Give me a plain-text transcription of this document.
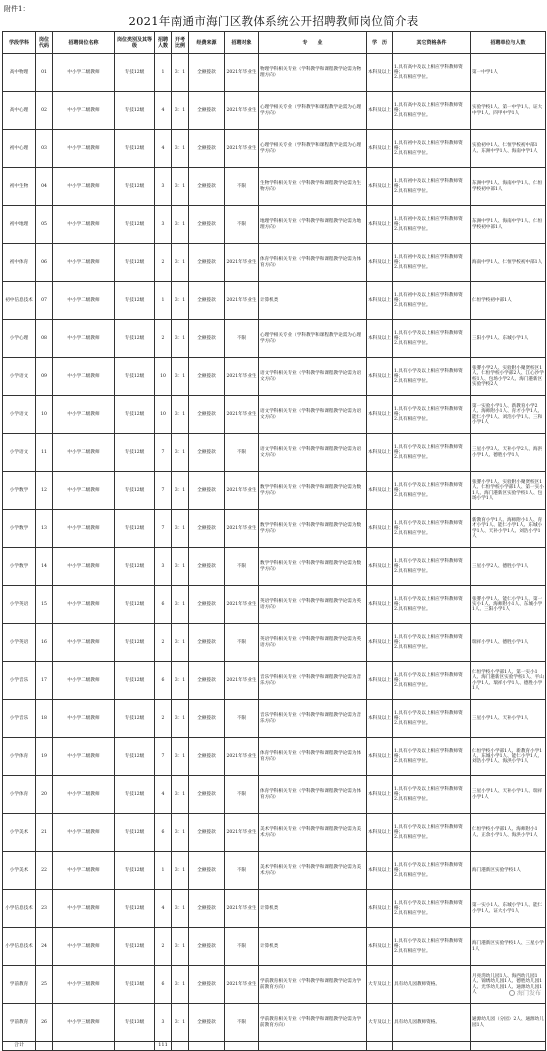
附件1：
2021年南通市海门区教体系统公开招聘教师岗位简介表
学段学科	岗位代码	招聘岗位名称	岗位类别及其等级	招聘人数	开考比例	经费来源	招聘对象	专　　业	学　历	其它资格条件	招聘单位与人数
高中物理	01	中小学二级教师	专技12级	1	3：1	全额拨款	2021年毕业生	物理学科相关专业（学科教学和课程教学论需为物理方向）	本科及以上	1.具有高中及以上相应学科教师资格；
2.具有相应学位。	第一中学1人
高中心理	02	中小学二级教师	专技12级	4	3：1	全额拨款	2021年毕业生	心理学相关专业（学科教学和课程教学论需为心理学方向）	本科及以上	1.具有高中及以上相应学科教师资格；
2.具有相应学位。	实验学校1人、第一中学1人、证大中学1人、四甲中学1人
初中心理	03	中小学二级教师	专技12级	4	3：1	全额拨款	2021年毕业生	心理学相关专业（学科教学和课程教学论需为心理学方向）	本科及以上	1.具有初中及以上相应学科教师资格；
2.具有相应学位。	实验初中1人、仁恒学校初中部1人、东洲中学1人、海南中学1人
初中生物	04	中小学二级教师	专技12级	3	3：1	全额拨款	不限	生物学科相关专业（学科教学和课程教学论需为生物方向）	本科及以上	1.具有初中及以上相应学科教师资格；
2.具有相应学位。	东洲中学1人、海南中学1人、仁恒学校初中部1人
初中地理	05	中小学二级教师	专技12级	3	3：1	全额拨款	不限	地理学科相关专业（学科教学和课程教学论需为地理方向）	本科及以上	1.具有初中及以上相应学科教师资格；
2.具有相应学位。	东洲中学1人、海南中学1人、仁恒学校初中部1人
初中体育	06	中小学二级教师	专技12级	2	3：1	全额拨款	2021年毕业生	体育学科相关专业（学科教学和课程教学论需为体育方向）	本科及以上	1.具有初中及以上相应学科教师资格；
2.具有相应学位。	海南中学1人、仁恒学校初中部1人
初中信息技术	07	中小学二级教师	专技12级	1	3：1	全额拨款	2021年毕业生	计算机类	本科及以上	1.具有初中及以上相应学科教师资格；
2.具有相应学位。	仁恒学校初中部1人
小学心理	08	中小学二级教师	专技12级	2	3：1	全额拨款	不限	心理学相关专业（学科教学和课程教学论需为心理学方向）	本科及以上	1.具有小学及以上相应学科教师资格；
2.具有相应学位。	三阳小学1人、东城小学1人
小学语文	09	中小学二级教师	专技12级	10	3：1	全额拨款	2021年毕业生	语文学科相关专业（学科教学和课程教学论需为语文方向）	本科及以上	1.具有小学及以上相应学科教师资格；
2.具有相应学位。	张謇小学2人、实验附小聚贤校区1人、仁恒学校小学部2人、江心沙学校1人、包场小学2人、海门港新区实验学校2人
小学语文	10	中小学二级教师	专技12级	10	3：1	全额拨款	2021年毕业生	语文学科相关专业（学科教学和课程教学论需为语文方向）	本科及以上	1.具有小学及以上相应学科教师资格；
2.具有相应学位。	第一实验小学1人、新教育小学2人、海师附小1人、育才小学1人、能仁小学1人、刘浩小学1人、三和小学1人
小学语文	11	中小学二级教师	专技12级	7	3：1	全额拨款	不限	语文学科相关专业（学科教学和课程教学论需为语文方向）	本科及以上	1.具有小学及以上相应学科教师资格；
2.具有相应学位。	三星小学3人、天补小学2人、海洪小学1人、德胜小学1人
小学数学	12	中小学二级教师	专技12级	7	3：1	全额拨款	2021年毕业生	数学学科相关专业（学科教学和课程教学论需为数学方向）	本科及以上	1.具有小学及以上相应学科教师资格；
2.具有相应学位。	张謇小学1人、实验附小聚贤校区1人、仁恒学校小学部1人、第一实小1人、海门港新区实验学校1人、包场小学1人
小学数学	13	中小学二级教师	专技12级	7	3：1	全额拨款	2021年毕业生	数学学科相关专业（学科教学和课程教学论需为数学方向）	本科及以上	1.具有小学及以上相应学科教师资格；
2.具有相应学位。	新教育小学1人、海师附小1人、育才小学1人、能仁小学1人、东城小学1人、天补小学1人、刘浩小学1人
小学数学	14	中小学二级教师	专技12级	3	3：1	全额拨款	不限	数学学科相关专业（学科教学和课程教学论需为数学方向）	本科及以上	1.具有小学及以上相应学科教师资格；
2.具有相应学位。	三星小学2人、德胜小学1人
小学英语	15	中小学二级教师	专技12级	6	3：1	全额拨款	2021年毕业生	英语学科相关专业（学科教学和课程教学论需为英语方向）	本科及以上	1.具有小学及以上相应学科教师资格；
2.具有相应学位。	张謇小学1人、能仁小学1人、第一实小1人、海师附小1人、东城小学1人、三阳小学1人
小学英语	16	中小学二级教师	专技12级	2	3：1	全额拨款	不限	英语学科相关专业（学科教学和课程教学论需为英语方向）	本科及以上	1.具有小学及以上相应学科教师资格；
2.具有相应学位。	瑞祥小学1人、德胜小学1人
小学音乐	17	中小学二级教师	专技12级	6	3：1	全额拨款	2021年毕业生	音乐学科相关专业（学科教学和课程教学论需为音乐方向）	本科及以上	1.具有小学及以上相应学科教师资格；
2.具有相应学位。	仁恒学校小学部1人、第一实小1人、海门港新区实验学校1人、平山小学1人、瑞祥小学1人、德胜小学1人
小学音乐	18	中小学二级教师	专技12级	2	3：1	全额拨款	不限	音乐学科相关专业（学科教学和课程教学论需为音乐方向）	本科及以上	1.具有小学及以上相应学科教师资格；
2.具有相应学位。	三星小学1人、天补小学1人
小学体育	19	中小学二级教师	专技12级	7	3：1	全额拨款	2021年毕业生	体育学科相关专业（学科教学和课程教学论需为体育方向）	本科及以上	1.具有小学及以上相应学科教师资格；
2.具有相应学位。	仁恒学校小学部1人、新教育小学1人、东城小学1人、能仁小学1人、刘浩小学1人、海洪小学1人
小学体育	20	中小学二级教师	专技12级	4	3：1	全额拨款	不限	体育学科相关专业（学科教学和课程教学论需为体育方向）	本科及以上	1.具有小学及以上相应学科教师资格；
2.具有相应学位。	三星小学1人、天补小学1人、瑞祥小学1人
小学美术	21	中小学二级教师	专技12级	6	3：1	全额拨款	2021年毕业生	美术学科相关专业（学科教学和课程教学论需为美术方向）	本科及以上	1.具有小学及以上相应学科教师资格；
2.具有相应学位。	仁恒学校小学部1人、海师附小1人、正余小学1人、海洪小学1人
小学美术	22	中小学二级教师	专技12级	1	3：1	全额拨款	不限	美术学科相关专业（学科教学和课程教学论需为美术方向）	本科及以上	1.具有小学及以上相应学科教师资格；
2.具有相应学位。	海门港新区实验学校1人
小学信息技术	23	中小学二级教师	专技12级	4	3：1	全额拨款	2021年毕业生	计算机类	本科及以上	1.具有小学及以上相应学科教师资格；
2.具有相应学位。	第一实小1人、东城小学1人、能仁小学1人、证大小学1人
小学信息技术	24	中小学二级教师	专技12级	2	3：1	全额拨款	不限	计算机类	本科及以上	1.具有小学及以上相应学科教师资格；
2.具有相应学位。	海门港新区实验学校1人、三星小学1人
学前教育	25	中小学三级教师	专技13级	6	3：1	全额拨款	2021年毕业生	学前教育相关专业（学科教学和课程教学论需为学前教育方向）	大专及以上	具有幼儿园教师资格。	月亮湾幼儿园1人、海西幼儿园1人、锦绣幼儿园1人、德胜幼儿园1人、光华幼儿园1人、通源幼儿园1人
学前教育	26	中小学三级教师	专技13级	3	3：1	全额拨款	不限	学前教育相关专业（学科教学和课程教学论需为学前教育方向）	大专及以上	具有幼儿园教师资格。	通源幼儿园（分园）2人、通源幼儿园1人
合计				111							
海门发布
